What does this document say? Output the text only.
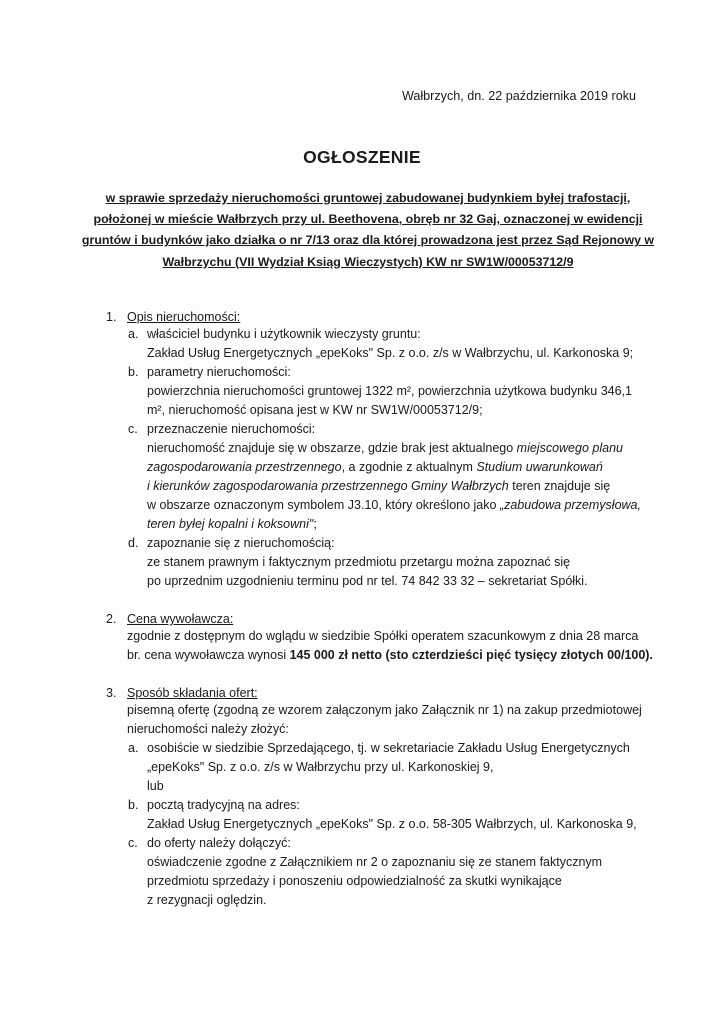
Wałbrzych, dn. 22 października 2019 roku
OGŁOSZENIE
w sprawie sprzedaży nieruchomości gruntowej zabudowanej budynkiem byłej trafostacji,
położonej w mieście Wałbrzych przy ul. Beethovena, obręb nr 32 Gaj, oznaczonej w ewidencji
gruntów i budynków jako działka o nr 7/13 oraz dla której prowadzona jest przez Sąd Rejonowy w
Wałbrzychu (VII Wydział Ksiąg Wieczystych) KW nr SW1W/00053712/9
1. Opis nieruchomości:
a. właściciel budynku i użytkownik wieczysty gruntu:
Zakład Usług Energetycznych „epeKoks" Sp. z o.o. z/s w Wałbrzychu, ul. Karkonoska 9;
b. parametry nieruchomości:
powierzchnia nieruchomości gruntowej 1322 m², powierzchnia użytkowa budynku 346,1
m², nieruchomość opisana jest w KW nr SW1W/00053712/9;
c. przeznaczenie nieruchomości:
nieruchomość znajduje się w obszarze, gdzie brak jest aktualnego miejscowego planu
zagospodarowania przestrzennego, a zgodnie z aktualnym Studium uwarunkowań
i kierunków zagospodarowania przestrzennego Gminy Wałbrzych teren znajduje się
w obszarze oznaczonym symbolem J3.10, który określono jako „zabudowa przemysłowa,
teren byłej kopalni i koksowni";
d. zapoznanie się z nieruchomością:
ze stanem prawnym i faktycznym przedmiotu przetargu można zapoznać się
po uprzednim uzgodnieniu terminu pod nr tel. 74 842 33 32 – sekretariat Spółki.
2. Cena wywoławcza:
zgodnie z dostępnym do wglądu w siedzibie Spółki operatem szacunkowym z dnia 28 marca
br. cena wywoławcza wynosi 145 000 zł netto (sto czterdzieści pięć tysięcy złotych 00/100).
3. Sposób składania ofert:
pisemną ofertę (zgodną ze wzorem załączonym jako Załącznik nr 1) na zakup przedmiotowej
nieruchomości należy złożyć:
a. osobiście w siedzibie Sprzedającego, tj. w sekretariacie Zakładu Usług Energetycznych
„epeKoks" Sp. z o.o. z/s w Wałbrzychu przy ul. Karkonoskiej 9,
lub
b. pocztą tradycyjną na adres:
Zakład Usług Energetycznych „epeKoks" Sp. z o.o. 58-305 Wałbrzych, ul. Karkonoska 9,
c. do oferty należy dołączyć:
oświadczenie zgodne z Załącznikiem nr 2 o zapoznaniu się ze stanem faktycznym
przedmiotu sprzedaży i ponoszeniu odpowiedzialność za skutki wynikające
z rezygnacji oględzin.
